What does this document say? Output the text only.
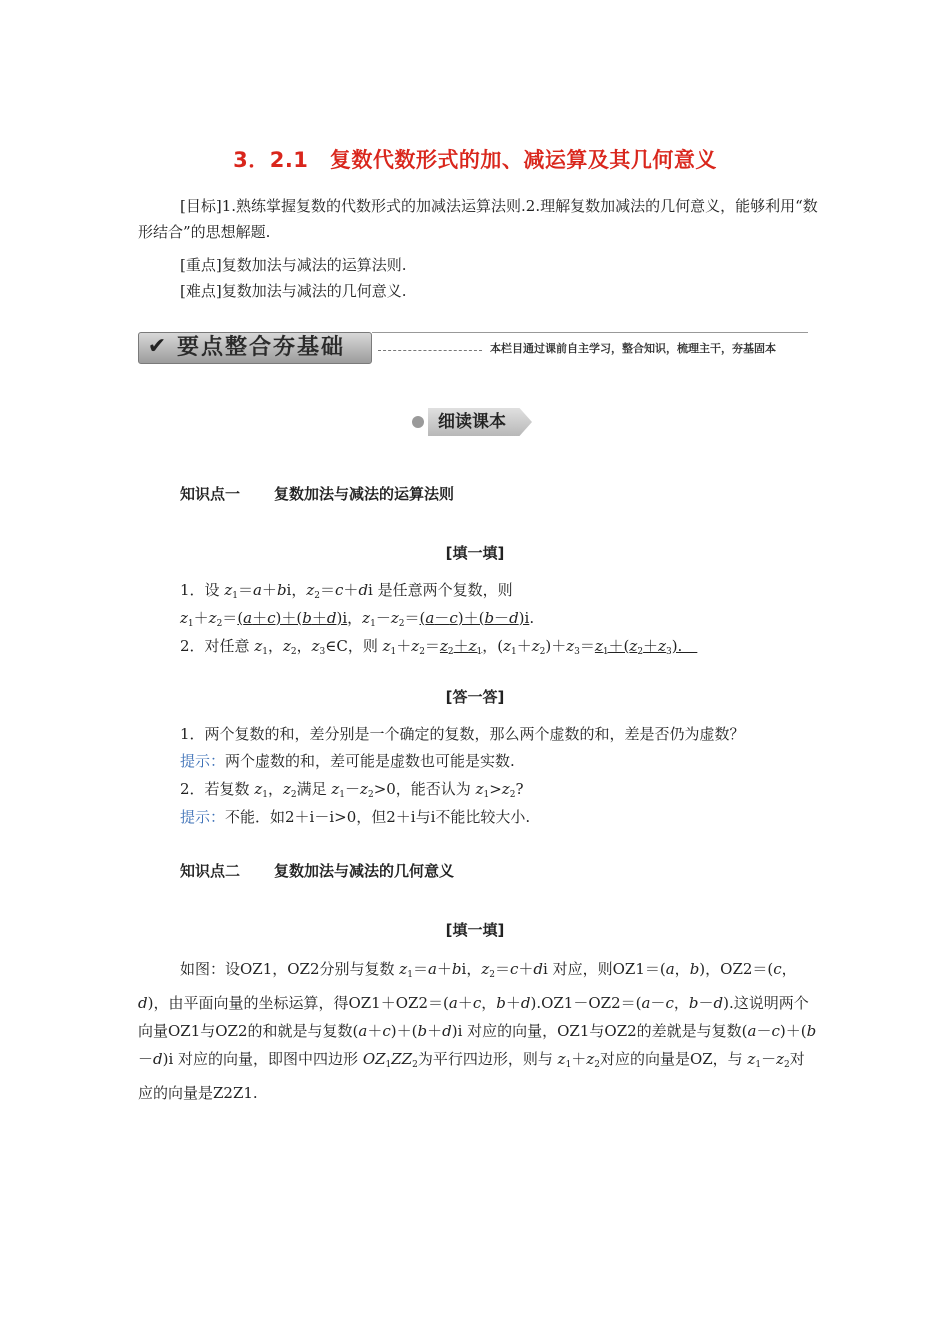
3．2.1　复数代数形式的加、减运算及其几何意义
[目标]1.熟练掌握复数的代数形式的加减法运算法则.2.理解复数加减法的几何意义，能够利用“数形结合”的思想解题.
[重点]复数加法与减法的运算法则.
[难点]复数加法与减法的几何意义.
✔ 要点整合夯基础	本栏目通过课前自主学习，整合知识，梳理主干，夯基固本
细读课本
知识点一 复数加法与减法的运算法则
[填一填]
1．设 $z_1=a+bi$，$z_2=c+di$ 是任意两个复数，则
$z_1+z_2=(a+c)+(b+d)i$，$z_1-z_2=(a-c)+(b-d)i$.
2．对任意 $z_1$，$z_2$，$z_3\in C$，则 $z_1+z_2=z_2+z_1$，$(z_1+z_2)+z_3=z_1+(z_2+z_3)$.　
[答一答]
1．两个复数的和，差分别是一个确定的复数，那么两个虚数的和，差是否仍为虚数？
提示：两个虚数的和，差可能是虚数也可能是实数.
2．若复数 $z_1$，$z_2$满足 $z_1-z_2>0$，能否认为 $z_1>z_2$?
提示：不能．如2＋i－i>0，但2＋i与i不能比较大小.
知识点二 复数加法与减法的几何意义
[填一填]
如图：设OZ1，OZ2分别与复数 $z_1=a+bi$，$z_2=c+di$ 对应，则OZ1＝(a，b)，OZ2＝(c，d)，由平面向量的坐标运算，得OZ1＋OZ2＝(a＋c，b＋d).OZ1－OZ2＝(a－c，b－d).这说明两个向量OZ1与OZ2的和就是与复数(a＋c)＋(b＋d)i 对应的向量，OZ1与OZ2的差就是与复数(a－c)＋(b－d)i 对应的向量，即图中四边形 $OZ_1ZZ_2$为平行四边形，则与 $z_1+z_2$对应的向量是OZ，与 $z_1-z_2$对应的向量是Z2Z1.
